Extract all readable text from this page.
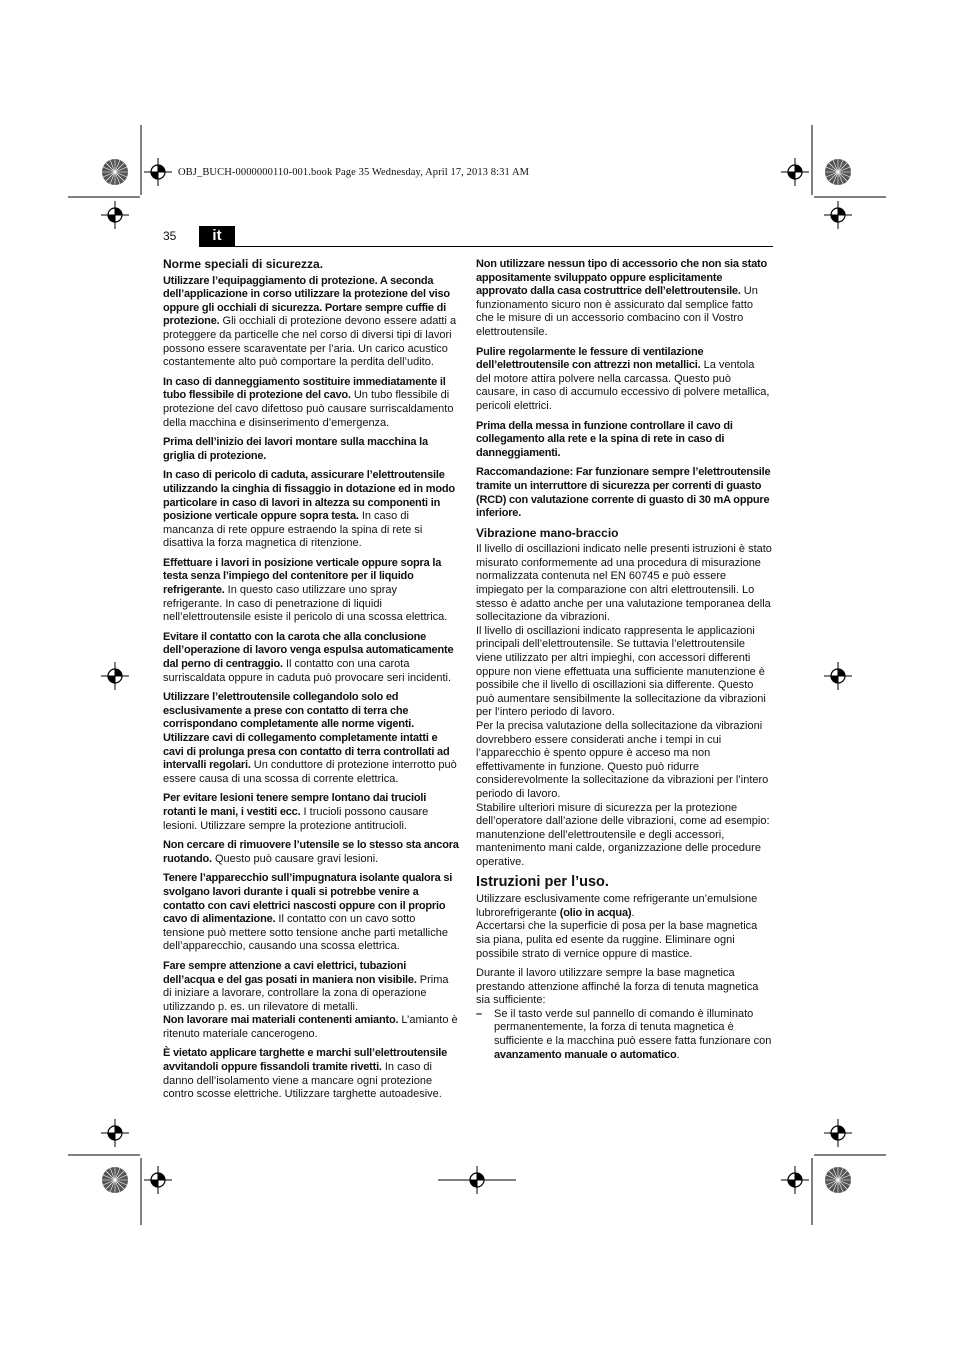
OBJ_BUCH-0000000110-001.book Page 35 Wednesday, April 17, 2013 8:31 AM
35	it

Norme speciali di sicurezza.

Utilizzare l’equipaggiamento di protezione. A seconda dell’applicazione in corso utilizzare la protezione del viso oppure gli occhiali di sicurezza. Portare sempre cuffie di protezione. Gli occhiali di protezione devono essere adatti a proteggere da particelle che nel corso di diversi tipi di lavori possono essere scaraventate per l’aria. Un carico acustico costantemente alto può comportare la perdita dell’udito.

In caso di danneggiamento sostituire immediatamente il tubo flessibile di protezione del cavo. Un tubo flessibile di protezione del cavo difettoso può causare surriscaldamento della macchina e disinserimento d’emergenza.

Prima dell’inizio dei lavori montare sulla macchina la griglia di protezione.

In caso di pericolo di caduta, assicurare l’elettroutensile utilizzando la cinghia di fissaggio in dotazione ed in modo particolare in caso di lavori in altezza su componenti in posizione verticale oppure sopra testa. In caso di mancanza di rete oppure estraendo la spina di rete si disattiva la forza magnetica di ritenzione.

Effettuare i lavori in posizione verticale oppure sopra la testa senza l’impiego del contenitore per il liquido refrigerante. In questo caso utilizzare uno spray refrigerante. In caso di penetrazione di liquidi nell’elettroutensile esiste il pericolo di una scossa elettrica.

Evitare il contatto con la carota che alla conclusione dell’operazione di lavoro venga espulsa automaticamente dal perno di centraggio. Il contatto con una carota surriscaldata oppure in caduta può provocare seri incidenti.

Utilizzare l’elettroutensile collegandolo solo ed esclusivamente a prese con contatto di terra che corrispondano completamente alle norme vigenti. Utilizzare cavi di collegamento completamente intatti e cavi di prolunga presa con contatto di terra controllati ad intervalli regolari. Un conduttore di protezione interrotto può essere causa di una scossa di corrente elettrica.

Per evitare lesioni tenere sempre lontano dai trucioli rotanti le mani, i vestiti ecc. I trucioli possono causare lesioni. Utilizzare sempre la protezione antitrucioli.

Non cercare di rimuovere l’utensile se lo stesso sta ancora ruotando. Questo può causare gravi lesioni.

Tenere l’apparecchio sull’impugnatura isolante qualora si svolgano lavori durante i quali si potrebbe venire a contatto con cavi elettrici nascosti oppure con il proprio cavo di alimentazione. Il contatto con un cavo sotto tensione può mettere sotto tensione anche parti metalliche dell’apparecchio, causando una scossa elettrica.

Fare sempre attenzione a cavi elettrici, tubazioni dell’acqua e del gas posati in maniera non visibile. Prima di iniziare a lavorare, controllare la zona di operazione utilizzando p. es. un rilevatore di metalli.

Non lavorare mai materiali contenenti amianto. L’amianto è ritenuto materiale cancerogeno.

È vietato applicare targhette e marchi sull’elettroutensile avvitandoli oppure fissandoli tramite rivetti. In caso di danno dell’isolamento viene a mancare ogni protezione contro scosse elettriche. Utilizzare targhette autoadesive.

Non utilizzare nessun tipo di accessorio che non sia stato appositamente sviluppato oppure esplicitamente approvato dalla casa costruttrice dell’elettroutensile. Un funzionamento sicuro non è assicurato dal semplice fatto che le misure di un accessorio combacino con il Vostro elettroutensile.

Pulire regolarmente le fessure di ventilazione dell’elettroutensile con attrezzi non metallici. La ventola del motore attira polvere nella carcassa. Questo può causare, in caso di accumulo eccessivo di polvere metallica, pericoli elettrici.

Prima della messa in funzione controllare il cavo di collegamento alla rete e la spina di rete in caso di danneggiamenti.

Raccomandazione: Far funzionare sempre l’elettroutensile tramite un interruttore di sicurezza per correnti di guasto (RCD) con valutazione corrente di guasto di 30 mA oppure inferiore.

Vibrazione mano-braccio

Il livello di oscillazioni indicato nelle presenti istruzioni è stato misurato conformemente ad una procedura di misurazione normalizzata contenuta nel EN 60745 e può essere impiegato per la comparazione con altri elettroutensili. Lo stesso è adatto anche per una valutazione temporanea della sollecitazione da vibrazioni.

Il livello di oscillazioni indicato rappresenta le applicazioni principali dell’elettroutensile. Se tuttavia l’elettroutensile viene utilizzato per altri impieghi, con accessori differenti oppure non viene effettuata una sufficiente manutenzione è possibile che il livello di oscillazioni sia differente. Questo può aumentare sensibilmente la sollecitazione da vibrazioni per l’intero periodo di lavoro.

Per la precisa valutazione della sollecitazione da vibrazioni dovrebbero essere considerati anche i tempi in cui l’apparecchio è spento oppure è acceso ma non effettivamente in funzione. Questo può ridurre considerevolmente la sollecitazione da vibrazioni per l’intero periodo di lavoro.

Stabilire ulteriori misure di sicurezza per la protezione dell’operatore dall’azione delle vibrazioni, come ad esempio: manutenzione dell’elettroutensile e degli accessori, mantenimento mani calde, organizzazione delle procedure operative.

Istruzioni per l’uso.

Utilizzare esclusivamente come refrigerante un’emulsione lubrorefrigerante (olio in acqua).

Accertarsi che la superficie di posa per la base magnetica sia piana, pulita ed esente da ruggine. Eliminare ogni possibile strato di vernice oppure di mastice.

Durante il lavoro utilizzare sempre la base magnetica prestando attenzione affinché la forza di tenuta magnetica sia sufficiente:

– Se il tasto verde sul pannello di comando è illuminato permanentemente, la forza di tenuta magnetica è sufficiente e la macchina può essere fatta funzionare con avanzamento manuale o automatico.
